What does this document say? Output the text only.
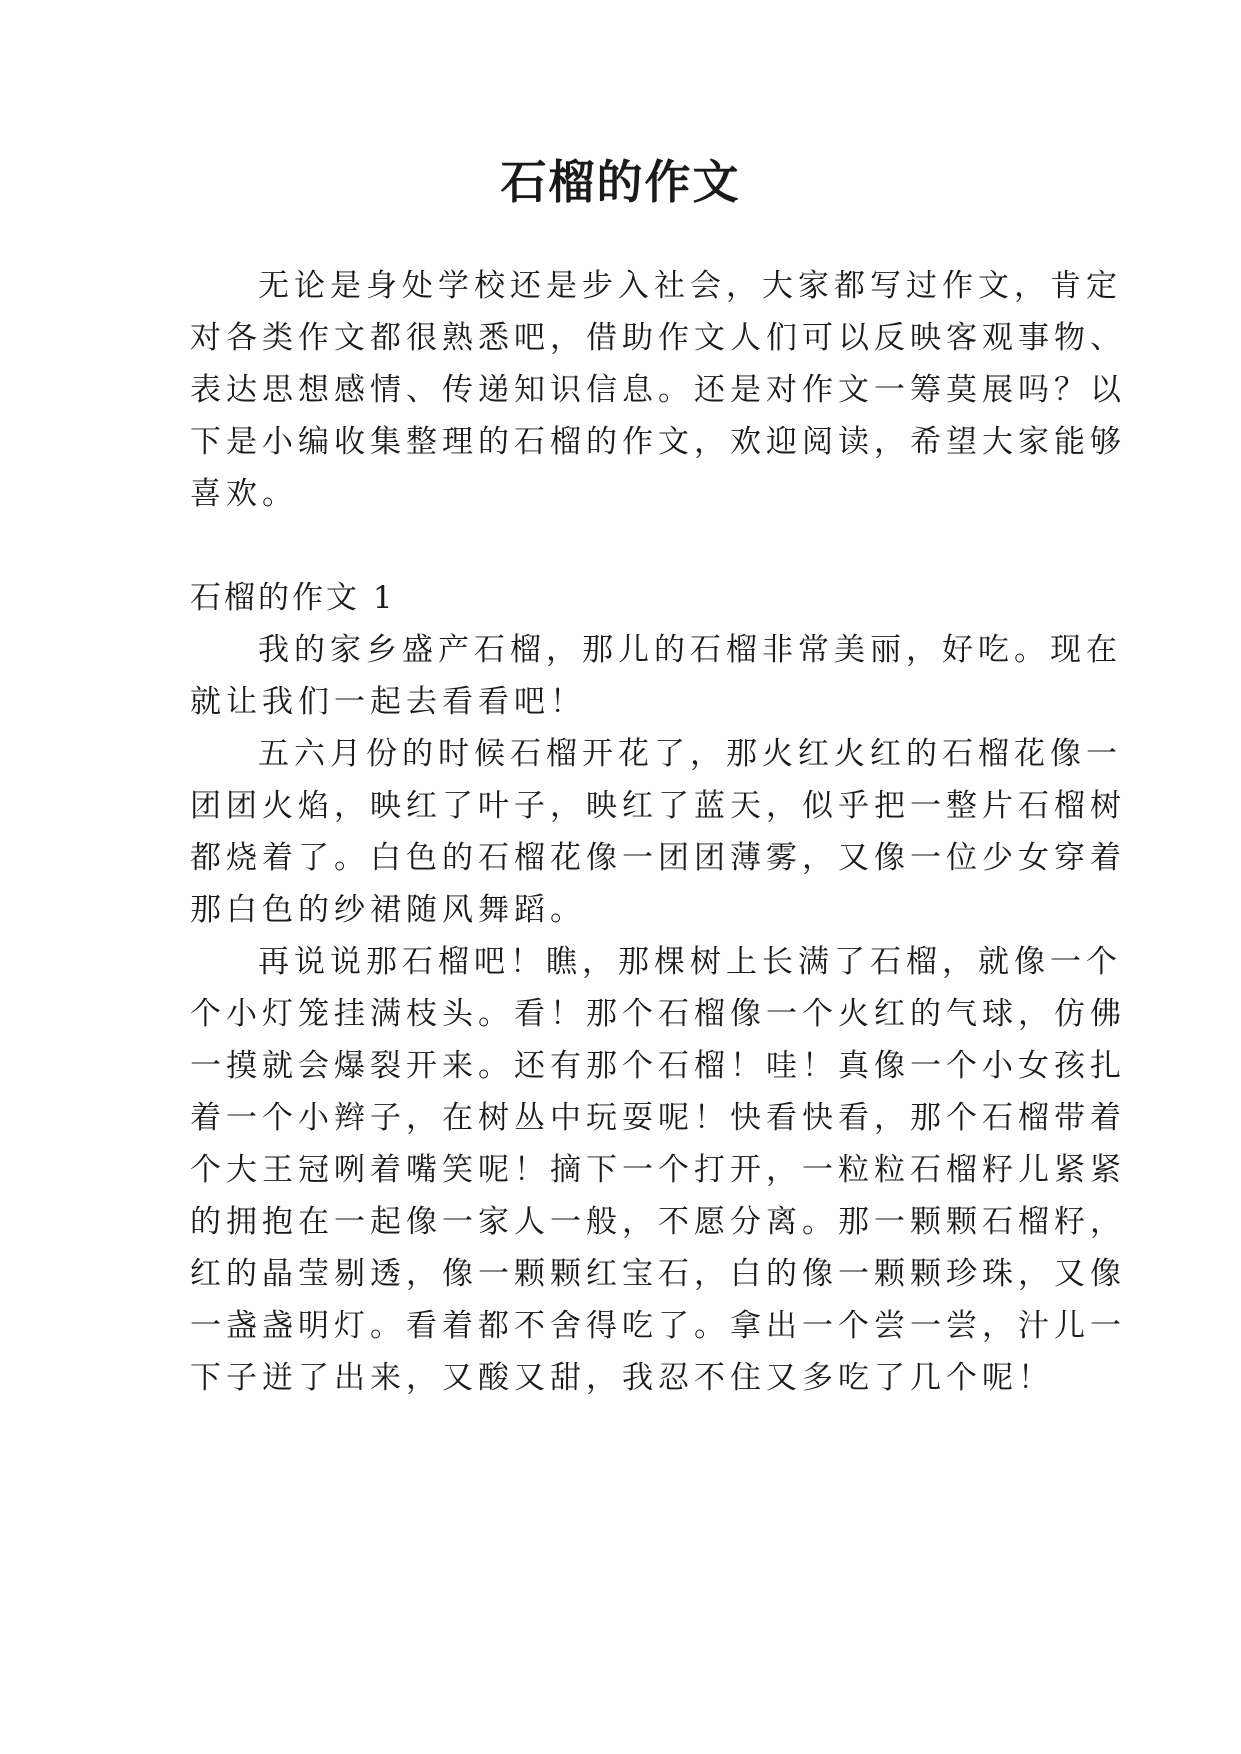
石榴的作文

无论是身处学校还是步入社会，大家都写过作文，肯定

对各类作文都很熟悉吧，借助作文人们可以反映客观事物、

表达思想感情、传递知识信息。还是对作文一筹莫展吗？以

下是小编收集整理的石榴的作文，欢迎阅读，希望大家能够

喜欢。

石榴的作文 1

我的家乡盛产石榴，那儿的石榴非常美丽，好吃。现在

就让我们一起去看看吧！

五六月份的时候石榴开花了，那火红火红的石榴花像一

团团火焰，映红了叶子，映红了蓝天，似乎把一整片石榴树

都烧着了。白色的石榴花像一团团薄雾，又像一位少女穿着

那白色的纱裙随风舞蹈。

再说说那石榴吧！瞧，那棵树上长满了石榴，就像一个

个小灯笼挂满枝头。看！那个石榴像一个火红的气球，仿佛

一摸就会爆裂开来。还有那个石榴！哇！真像一个小女孩扎

着一个小辫子，在树丛中玩耍呢！快看快看，那个石榴带着

个大王冠咧着嘴笑呢！摘下一个打开，一粒粒石榴籽儿紧紧

的拥抱在一起像一家人一般，不愿分离。那一颗颗石榴籽，

红的晶莹剔透，像一颗颗红宝石，白的像一颗颗珍珠，又像

一盏盏明灯。看着都不舍得吃了。拿出一个尝一尝，汁儿一

下子迸了出来，又酸又甜，我忍不住又多吃了几个呢！
